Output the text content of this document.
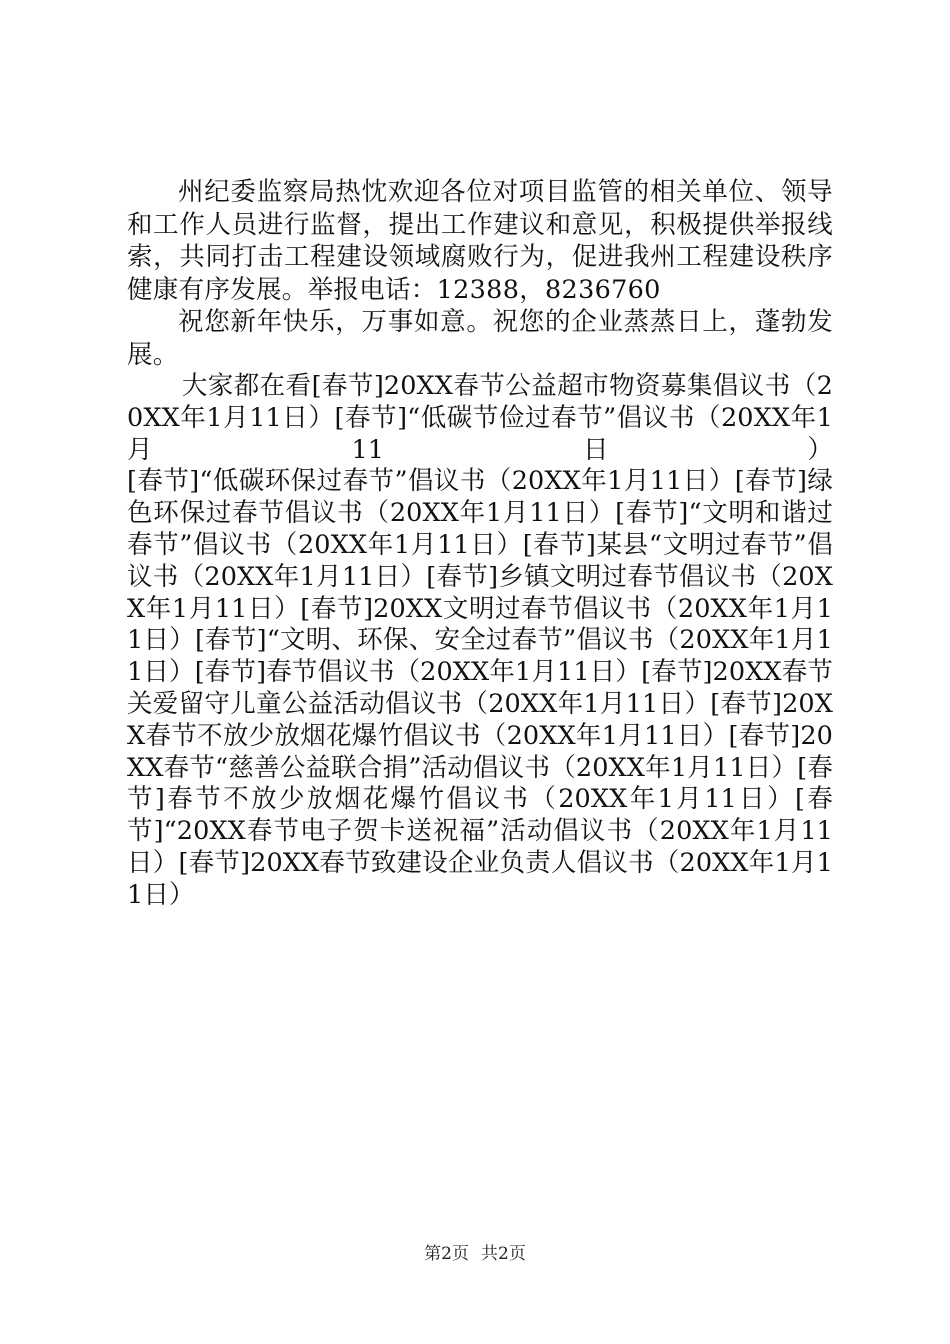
州纪委监察局热忱欢迎各位对项目监管的相关单位、领导和工作人员进行监督，提出工作建议和意见，积极提供举报线索，共同打击工程建设领域腐败行为，促进我州工程建设秩序健康有序发展。举报电话：12388，8236760

祝您新年快乐，万事如意。祝您的企业蒸蒸日上，蓬勃发展。

大家都在看[春节]20XX春节公益超市物资募集倡议书（20XX年1月11日）[春节]“低碳节俭过春节”倡议书（20XX年1月11日）[春节]“低碳环保过春节”倡议书（20XX年1月11日）[春节]绿色环保过春节倡议书（20XX年1月11日）[春节]“文明和谐过春节”倡议书（20XX年1月11日）[春节]某县“文明过春节”倡议书（20XX年1月11日）[春节]乡镇文明过春节倡议书（20XX年1月11日）[春节]20XX文明过春节倡议书（20XX年1月11日）[春节]“文明、环保、安全过春节”倡议书（20XX年1月11日）[春节]春节倡议书（20XX年1月11日）[春节]20XX春节关爱留守儿童公益活动倡议书（20XX年1月11日）[春节]20XX春节不放少放烟花爆竹倡议书（20XX年1月11日）[春节]20XX春节“慈善公益联合捐”活动倡议书（20XX年1月11日）[春节]春节不放少放烟花爆竹倡议书（20XX年1月11日）[春节]“20XX春节电子贺卡送祝福”活动倡议书（20XX年1月11日）[春节]20XX春节致建设企业负责人倡议书（20XX年1月11日）

第2页 共2页
